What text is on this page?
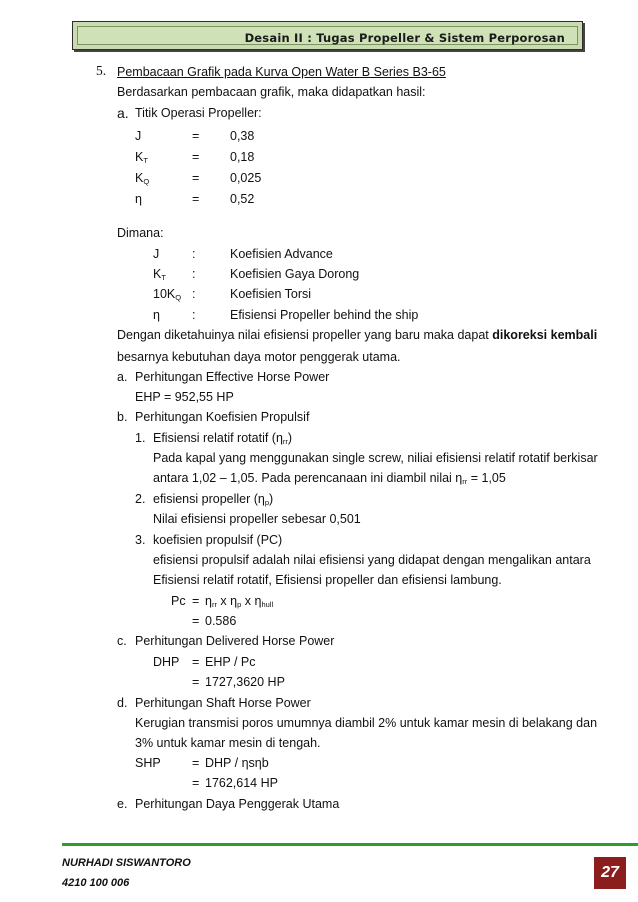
Desain II : Tugas Propeller & Sistem Perporosan
5. Pembacaan Grafik pada Kurva Open Water B Series B3-65
Berdasarkan pembacaan grafik, maka didapatkan hasil:
a. Titik Operasi Propeller:
J	= 0,38
$K_T$	= 0,18
$K_Q$	= 0,025
η	= 0,52
Dimana:
J	:	Koefisien Advance
$K_T$ :	Koefisien Gaya Dorong
$10K_Q$ :	Koefisien Torsi
η	:	Efisiensi Propeller behind the ship
Dengan diketahuinya nilai efisiensi propeller yang baru maka dapat dikoreksi kembali
besarnya kebutuhan daya motor penggerak utama.
a. Perhitungan Effective Horse Power
EHP = 952,55 HP
b. Perhitungan Koefisien Propulsif
1. Efisiensi relatif rotatif $(\eta_{rr})$
Pada kapal yang menggunakan single screw, niliai efisiensi relatif rotatif berkisar
antara 1,02 – 1,05. Pada perencanaan ini diambil nilai $\eta_{rr} = 1,05$
2. efisiensi propeller $(\eta_p)$
Nilai efisiensi propeller sebesar 0,501
3. koefisien propulsif (PC)
efisiensi propulsif adalah nilai efisiensi yang didapat dengan mengalikan antara
Efisiensi relatif rotatif, Efisiensi propeller dan efisiensi lambung.
$Pc = \eta_{rr}$ x $\eta_p$ x $\eta_{hull}$
= 0.586
c. Perhitungan Delivered Horse Power
DHP = EHP / Pc
= 1727,3620 HP
d. Perhitungan Shaft Horse Power
Kerugian transmisi poros umumnya diambil 2% untuk kamar mesin di belakang dan
3% untuk kamar mesin di tengah.
SHP	= DHP / ηsηb
= 1762,614 HP
e. Perhitungan Daya Penggerak Utama
NURHADI SISWANTORO
4210 100 006
27
